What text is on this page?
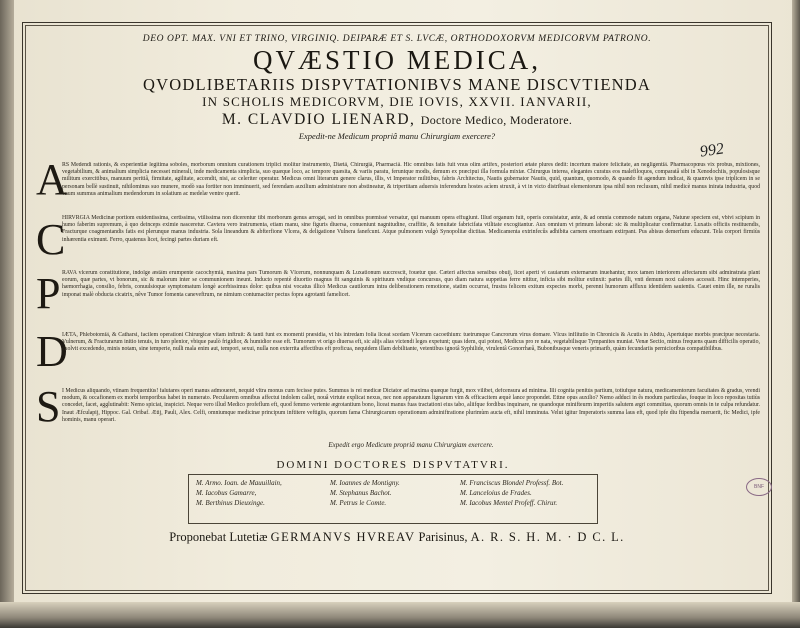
DEO OPT. MAX. VNI ET TRINO, VIRGINIQ. DEIPARÆ ET S. LVCÆ, ORTHODOXORVM MEDICORVM PATRONO.
QVÆSTIO MEDICA,
QVODLIBETARIIS DISPVTATIONIBVS MANE DISCVTIENDA
IN SCHOLIS MEDICORVM, DIE IOVIS, XXVII. IANVARII,
M. CLAVDIO LIENARD, Doctore Medico, Moderatore.
Expedit-ne Medicum propriâ manu Chirurgiam exercere?
992
A

RS Medendi rationis, & experientiæ legitima soboles, morborum omnium curationem triplici molitur instrumento, Diætâ, Chirurgiâ, Pharmaciâ. Hic omnibus fatis fuit vnus olim artifex, posteriori ætate plures dedit: incertum maiore felicitate, an negligentiâ. Pharmacopœus vix probus, mixtiones, vegetabilium, & animalium simplicia necesset minerali, inde medicamenta simplicia, suo quæque loco, ac tempore quæsita, & variis paratu, feruntque modis, demum ex præcipui illa formula mixtæ. Chirurgus interea, elegantes curatus eos malefiloquos, comparatâ sibi in Xenodochiis, populosisque militum exercitibus, manuum peritiâ, firmitate, agilitate, accendit, nisi, ac celeriter operatur. Medicus omni literarum genere clarus, illis, vt Imperator militibus, fabris Architectus, Nautis gubernator Nautis, quid, quantum, quomodo, & quando fit agendum indicat, & quamvis ipse triplicem in se personam bellè sustinuit, nihilominus suo munere, modò sua fortiter non imminuerit, sed ferendam auxilium administrare non abstineatur, & tripertitam aduersis inferendum hostes acìem struxit, à vt in victo distribuat elementorum ipsa nihil non reclusum, nihil medicè manus inirata industria, quod vnum summus animalium medendorum in solatium ac medelæ ventre querit.

C

HIRVRGIA Medicinæ portiom euidentissima, certissima, vtilissima non dicerentur tibi morborum genus arrogat, sed in omnibus præmissè versatur, qui manuum opera effugiunt. Illud organum fuit, operis consistatur, ante, & ad omnia commode natum organa, Naturæ speciem est, vbivi scipium in humo faberim supremum, à quo deinceps eximie nasceretur. Cavtera vero instrumenta, etiam manu, sine figuris diuersa, conueniunt nagnitudine, craffitie, & tenuitate fabricifata vtilitate excogitantur. Aux omnium vt primum laborat: sic & multiplicatur confirmatiur. Luxatis officiis restituendis, Fracturque coagmentandis fatis est plerunque manus industria. Sola lineandum & abfterfione Vlcera, & deligatione Vulnera fanefcunt. Atque pulmonem vulgò Synopolitæ dictitas. Medicamenta extrinfecûs adhibita carnem emortuam extirpant. Pus abisus demerfum educunt. Tela corpori firmiùs inhærentia eximunt. Ferro, quatenus licet, fecingi partes duriam eft.

P RAVA vlcerum constitutione, indolge æstâm erumpente cacochymiâ, maxima pars Tumorum & Vlcerum, nonnunquam & Luxationum succrescit, fouetur que. Cæteri affectus sensibus obuij, licet aperti vi cauiarum externarum inuehantur, mox tamen interiorem affectarum sibi adminstrata plant eorum, quæ partes, vt bonorum, sic & malorum inter se communionem ineunt. Inducto repentè diuortio magnus fit sanguinis & spirituum vndique concursus, quo diam natura suppetias ferre nititur, inficia sibi molitur extinxit: partes illi, vnti demum noxi calores accessit. Hinc intemperies, hæmorrhagia, consilio, febris, conuulsioque symptomatum longè acerbissimus dolor: quibus nisi vocatus illicò Medicus cautilorum intra deliberationem remotione, statim occurrat, frustra felicem exitum expectes morbi, perenni humorum affluxu identidem sauientis. Cauet enim ille, ne ruralis imponat malè obducta cicatrix, nêve Tumor fomenta caneveftrum, ne nimium contumaciter pectus fopra agrotanti famelicet.

D

IÆTA, Phlebotomiâ, & Catharsi, facilem operationi Chirurgicæ vitam inftruit: & tanti funt ex momenti præsidia, vt his intredam folia liceat scedam Vlcerum cacoethium: tuetrumque Cancrorum virus domare. Vlcus inflitutio in Chronicis & Acutis in Abdtu, Apertuique morbis præcipue necestaria. Vulnerum, & Fracturarum initio tenuis, in turo plenior, vbique paulò frigidior, & humidior esse eft. Tumorum vt origo diuersa eft, sic alijs alias victendi leges expetunt; quas idem, qui potest, Medicus pro re nata, vegetabilisque Tympanites muniat. Venæ Sectio, minus frequens quam difficilis operatio, exolvit excedendo, minis notam, sine temperie, nulli mala enim aut, tempori, sexui, nulla non exterrita affectibus eft proficua, nequidem illam debilitante, vetentibus ignotâ Syphilide, virulentâ Gonorrhæâ, Bubonibusque veneris primarib, quàm fecundariis pernicioribus compatibilibus.

S I Medicus aliquando, vtinam frequentiùs! falutares operi manus admoueret, nequid vltra monus cum fecisse putes. Summus is rei medicæ Dictator ad maxima quæque furgit, mox vilibet, defcensura ad minima. Illi cognita penitùs partium, totiufque natura, medicamentorum facultates & gradus, vrendi modum, & occafionem ex morbi temporibus habet in numerato. Peculiarem omnibus affectui indolem callet, nouâ virtute explicat nexus, nec non apparatuum lignarum vim & efficacitem æquè lance propondet. Ettne opus auxilio? Nemo adduci in ês modum particulas, fouque in loco repositas tutiùs concedet, facet, agglutinabit: Nemo spiciat, inspicict. Neque vero illud Medico profeflum eft, quod femmo vertente ægrotantium bono, liceat manus fuas tractationi eius tabo, aliifque fordibus inquinare, ne quandoque minifteurm imperitis salutem ægri committas, quorum omnis in te culpa refundatur. Inaut Æfculapij, Hippoc. Gal. Oribaf. Ætij, Pauli, Alex. Celfi, omniumque medicinæ principum inftitere veftigiis, quorum fama Chirurgicarum operationum adminiftratione plurimùm aucta eft, nihil imminuta. Velut igitur Imperatoris summa laus eft, quod ipfe diu ftipendia meruerit, fic Medici, ipfe hominis, manu operari.

Expedit ergo Medicum propriâ manu Chirurgiam exercere.
DOMINI DOCTORES DISPVTATVRI.
M. Armo. Ioan. de Mauuillain,
M. Iacobus Gamarre,
M. Berthinus Dieuxinge.
M. Ioannes de Montigny.
M. Stephanus Bachot.
M. Petrus le Comte.
M. Franciscus Blondel Professf. Bot.
M. Lanceloius de Frades.
M. Iacobus Mentel Profeff. Chirur.
BNF
Proponebat Lutetiæ GERMANVS HVREAV Parisinus, A. R. S. H. M. · D C. L.
